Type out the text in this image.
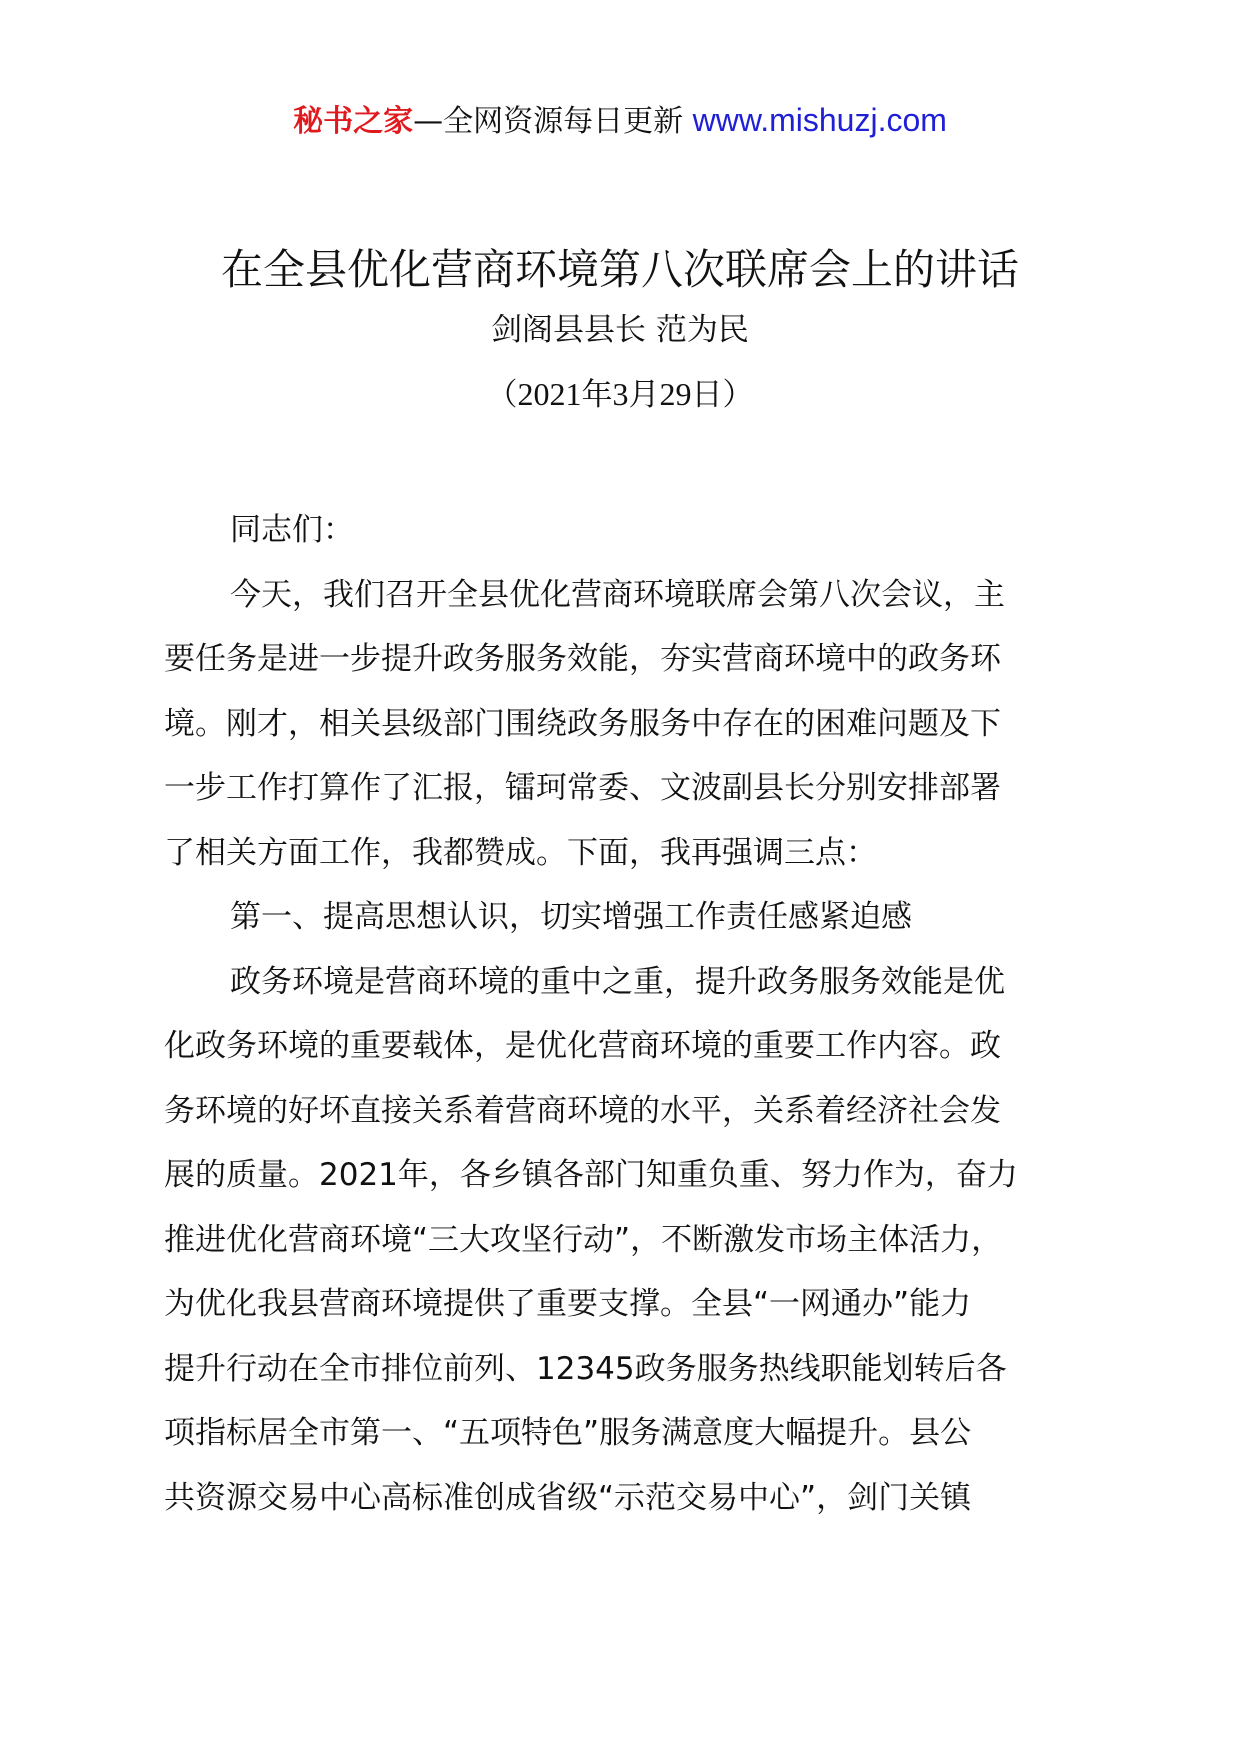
秘书之家—全网资源每日更新 www.mishuzj.com
在全县优化营商环境第八次联席会上的讲话
剑阁县县长 范为民
（2021年3月29日）
同志们：
今天，我们召开全县优化营商环境联席会第八次会议，主
要任务是进一步提升政务服务效能，夯实营商环境中的政务环
境。刚才，相关县级部门围绕政务服务中存在的困难问题及下
一步工作打算作了汇报，镭珂常委、文波副县长分别安排部署
了相关方面工作，我都赞成。下面，我再强调三点：
第一、提高思想认识，切实增强工作责任感紧迫感
政务环境是营商环境的重中之重，提升政务服务效能是优
化政务环境的重要载体，是优化营商环境的重要工作内容。政
务环境的好坏直接关系着营商环境的水平，关系着经济社会发
展的质量。2021年，各乡镇各部门知重负重、努力作为，奋力
推进优化营商环境“三大攻坚行动”，不断激发市场主体活力，
为优化我县营商环境提供了重要支撑。全县“一网通办”能力
提升行动在全市排位前列、12345政务服务热线职能划转后各
项指标居全市第一、“五项特色”服务满意度大幅提升。县公
共资源交易中心高标准创成省级“示范交易中心”，剑门关镇
